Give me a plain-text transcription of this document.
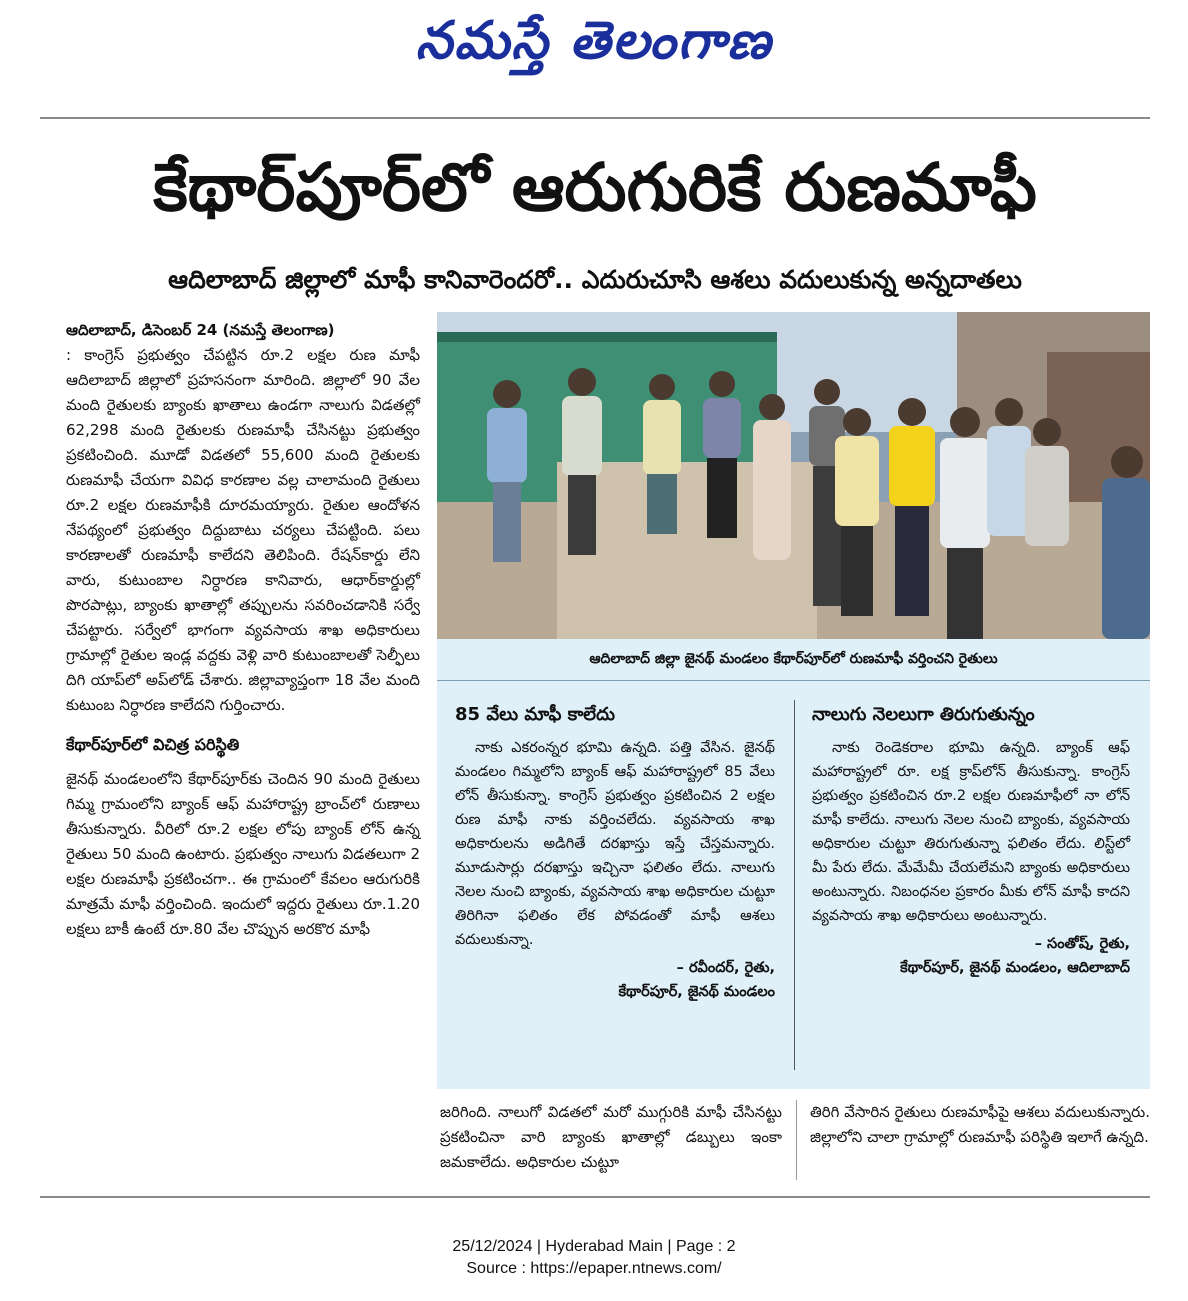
నమస్తే తెలంగాణ
కేథార్‌పూర్‌లో ఆరుగురికే రుణమాఫీ
ఆదిలాబాద్ జిల్లాలో మాఫీ కానివారెందరో.. ఎదురుచూసి ఆశలు వదులుకున్న అన్నదాతలు

ఆదిలాబాద్, డిసెంబర్ 24 (నమస్తే తెలంగాణ)

: కాంగ్రెస్ ప్రభుత్వం చేపట్టిన రూ.2 లక్షల రుణ మాఫీ ఆదిలాబాద్ జిల్లాలో ప్రహసనంగా మారింది. జిల్లాలో 90 వేల మంది రైతులకు బ్యాంకు ఖాతాలు ఉండగా నాలుగు విడతల్లో 62,298 మంది రైతులకు రుణమాఫీ చేసినట్టు ప్రభుత్వం ప్రకటించింది. మూడో విడతలో 55,600 మంది రైతులకు రుణమాఫీ చేయగా వివిధ కారణాల వల్ల చాలామంది రైతులు రూ.2 లక్షల రుణమాఫీకి దూరమయ్యారు. రైతుల ఆందోళన నేపథ్యంలో ప్రభుత్వం దిద్దుబాటు చర్యలు చేపట్టింది. పలు కారణాలతో రుణమాఫీ కాలేదని తెలిపింది. రేషన్‌కార్డు లేని వారు, కుటుంబాల నిర్ధారణ కానివారు, ఆధార్‌కార్డుల్లో పొరపాట్లు, బ్యాంకు ఖాతాల్లో తప్పులను సవరించడానికి సర్వే చేపట్టారు. సర్వేలో భాగంగా వ్యవసాయ శాఖ అధికారులు గ్రామాల్లో రైతుల ఇండ్ల వద్దకు వెళ్లి వారి కుటుంబాలతో సెల్ఫీలు దిగి యాప్‌లో అప్‌లోడ్ చేశారు. జిల్లావ్యాప్తంగా 18 వేల మంది కుటుంబ నిర్ధారణ కాలేదని గుర్తించారు.

కేథార్‌పూర్‌లో విచిత్ర పరిస్థితి

జైనథ్ మండలంలోని కేథార్‌పూర్‌కు చెందిన 90 మంది రైతులు గిమ్మ గ్రామంలోని బ్యాంక్ ఆఫ్ మహారాష్ట్ర బ్రాంచ్‌లో రుణాలు తీసుకున్నారు. వీరిలో రూ.2 లక్షల లోపు బ్యాంక్ లోన్ ఉన్న రైతులు 50 మంది ఉంటారు. ప్రభుత్వం నాలుగు విడతలుగా 2 లక్షల రుణమాఫీ ప్రకటించగా.. ఈ గ్రామంలో కేవలం ఆరుగురికి మాత్రమే మాఫీ వర్తించింది. ఇందులో ఇద్దరు రైతులు రూ.1.20 లక్షలు బాకీ ఉంటే రూ.80 వేల చొప్పున అరకొర మాఫీ

ఆదిలాబాద్ జిల్లా జైనథ్ మండలం కేథార్‌పూర్‌లో రుణమాఫీ వర్తించని రైతులు
85 వేలు మాఫీ కాలేదు
నాకు ఎకరంన్నర భూమి ఉన్నది. పత్తి వేసిన. జైనథ్ మండలం గిమ్మలోని బ్యాంక్ ఆఫ్ మహారాష్ట్రలో 85 వేలు లోన్ తీసుకున్నా. కాంగ్రెస్ ప్రభుత్వం ప్రకటించిన 2 లక్షల రుణ మాఫీ నాకు వర్తించలేదు. వ్యవసాయ శాఖ అధికారులను అడిగితే దరఖాస్తు ఇస్తే చేస్తమన్నారు. మూడుసార్లు దరఖాస్తు ఇచ్చినా ఫలితం లేదు. నాలుగు నెలల నుంచి బ్యాంకు, వ్యవసాయ శాఖ అధికారుల చుట్టూ తిరిగినా ఫలితం లేక పోవడంతో మాఫీ ఆశలు వదులుకున్నా.
– రవీందర్, రైతు,
కేథార్‌పూర్, జైనథ్ మండలం
నాలుగు నెలలుగా తిరుగుతున్నం
నాకు రెండెకరాల భూమి ఉన్నది. బ్యాంక్ ఆఫ్ మహారాష్ట్రలో రూ. లక్ష క్రాప్‌లోన్ తీసుకున్నా. కాంగ్రెస్ ప్రభుత్వం ప్రకటించిన రూ.2 లక్షల రుణమాఫీలో నా లోన్ మాఫీ కాలేదు. నాలుగు నెలల నుంచి బ్యాంకు, వ్యవసాయ అధికారుల చుట్టూ తిరుగుతున్నా ఫలితం లేదు. లిస్ట్‌లో మీ పేరు లేదు. మేమేమీ చేయలేమని బ్యాంకు అధికారులు అంటున్నారు. నిబంధనల ప్రకారం మీకు లోన్ మాఫీ కాదని వ్యవసాయ శాఖ అధికారులు అంటున్నారు.
– సంతోష్, రైతు,
కేథార్‌పూర్, జైనథ్ మండలం, ఆదిలాబాద్
జరిగింది. నాలుగో విడతలో మరో ముగ్గురికి మాఫీ చేసినట్టు ప్రకటించినా వారి బ్యాంకు ఖాతాల్లో డబ్బులు ఇంకా జమకాలేదు. అధికారుల చుట్టూ
తిరిగి వేసారిన రైతులు రుణమాఫీపై ఆశలు వదులుకున్నారు. జిల్లాలోని చాలా గ్రామాల్లో రుణమాఫీ పరిస్థితి ఇలాగే ఉన్నది.
25/12/2024 | Hyderabad Main | Page : 2
Source : https://epaper.ntnews.com/
